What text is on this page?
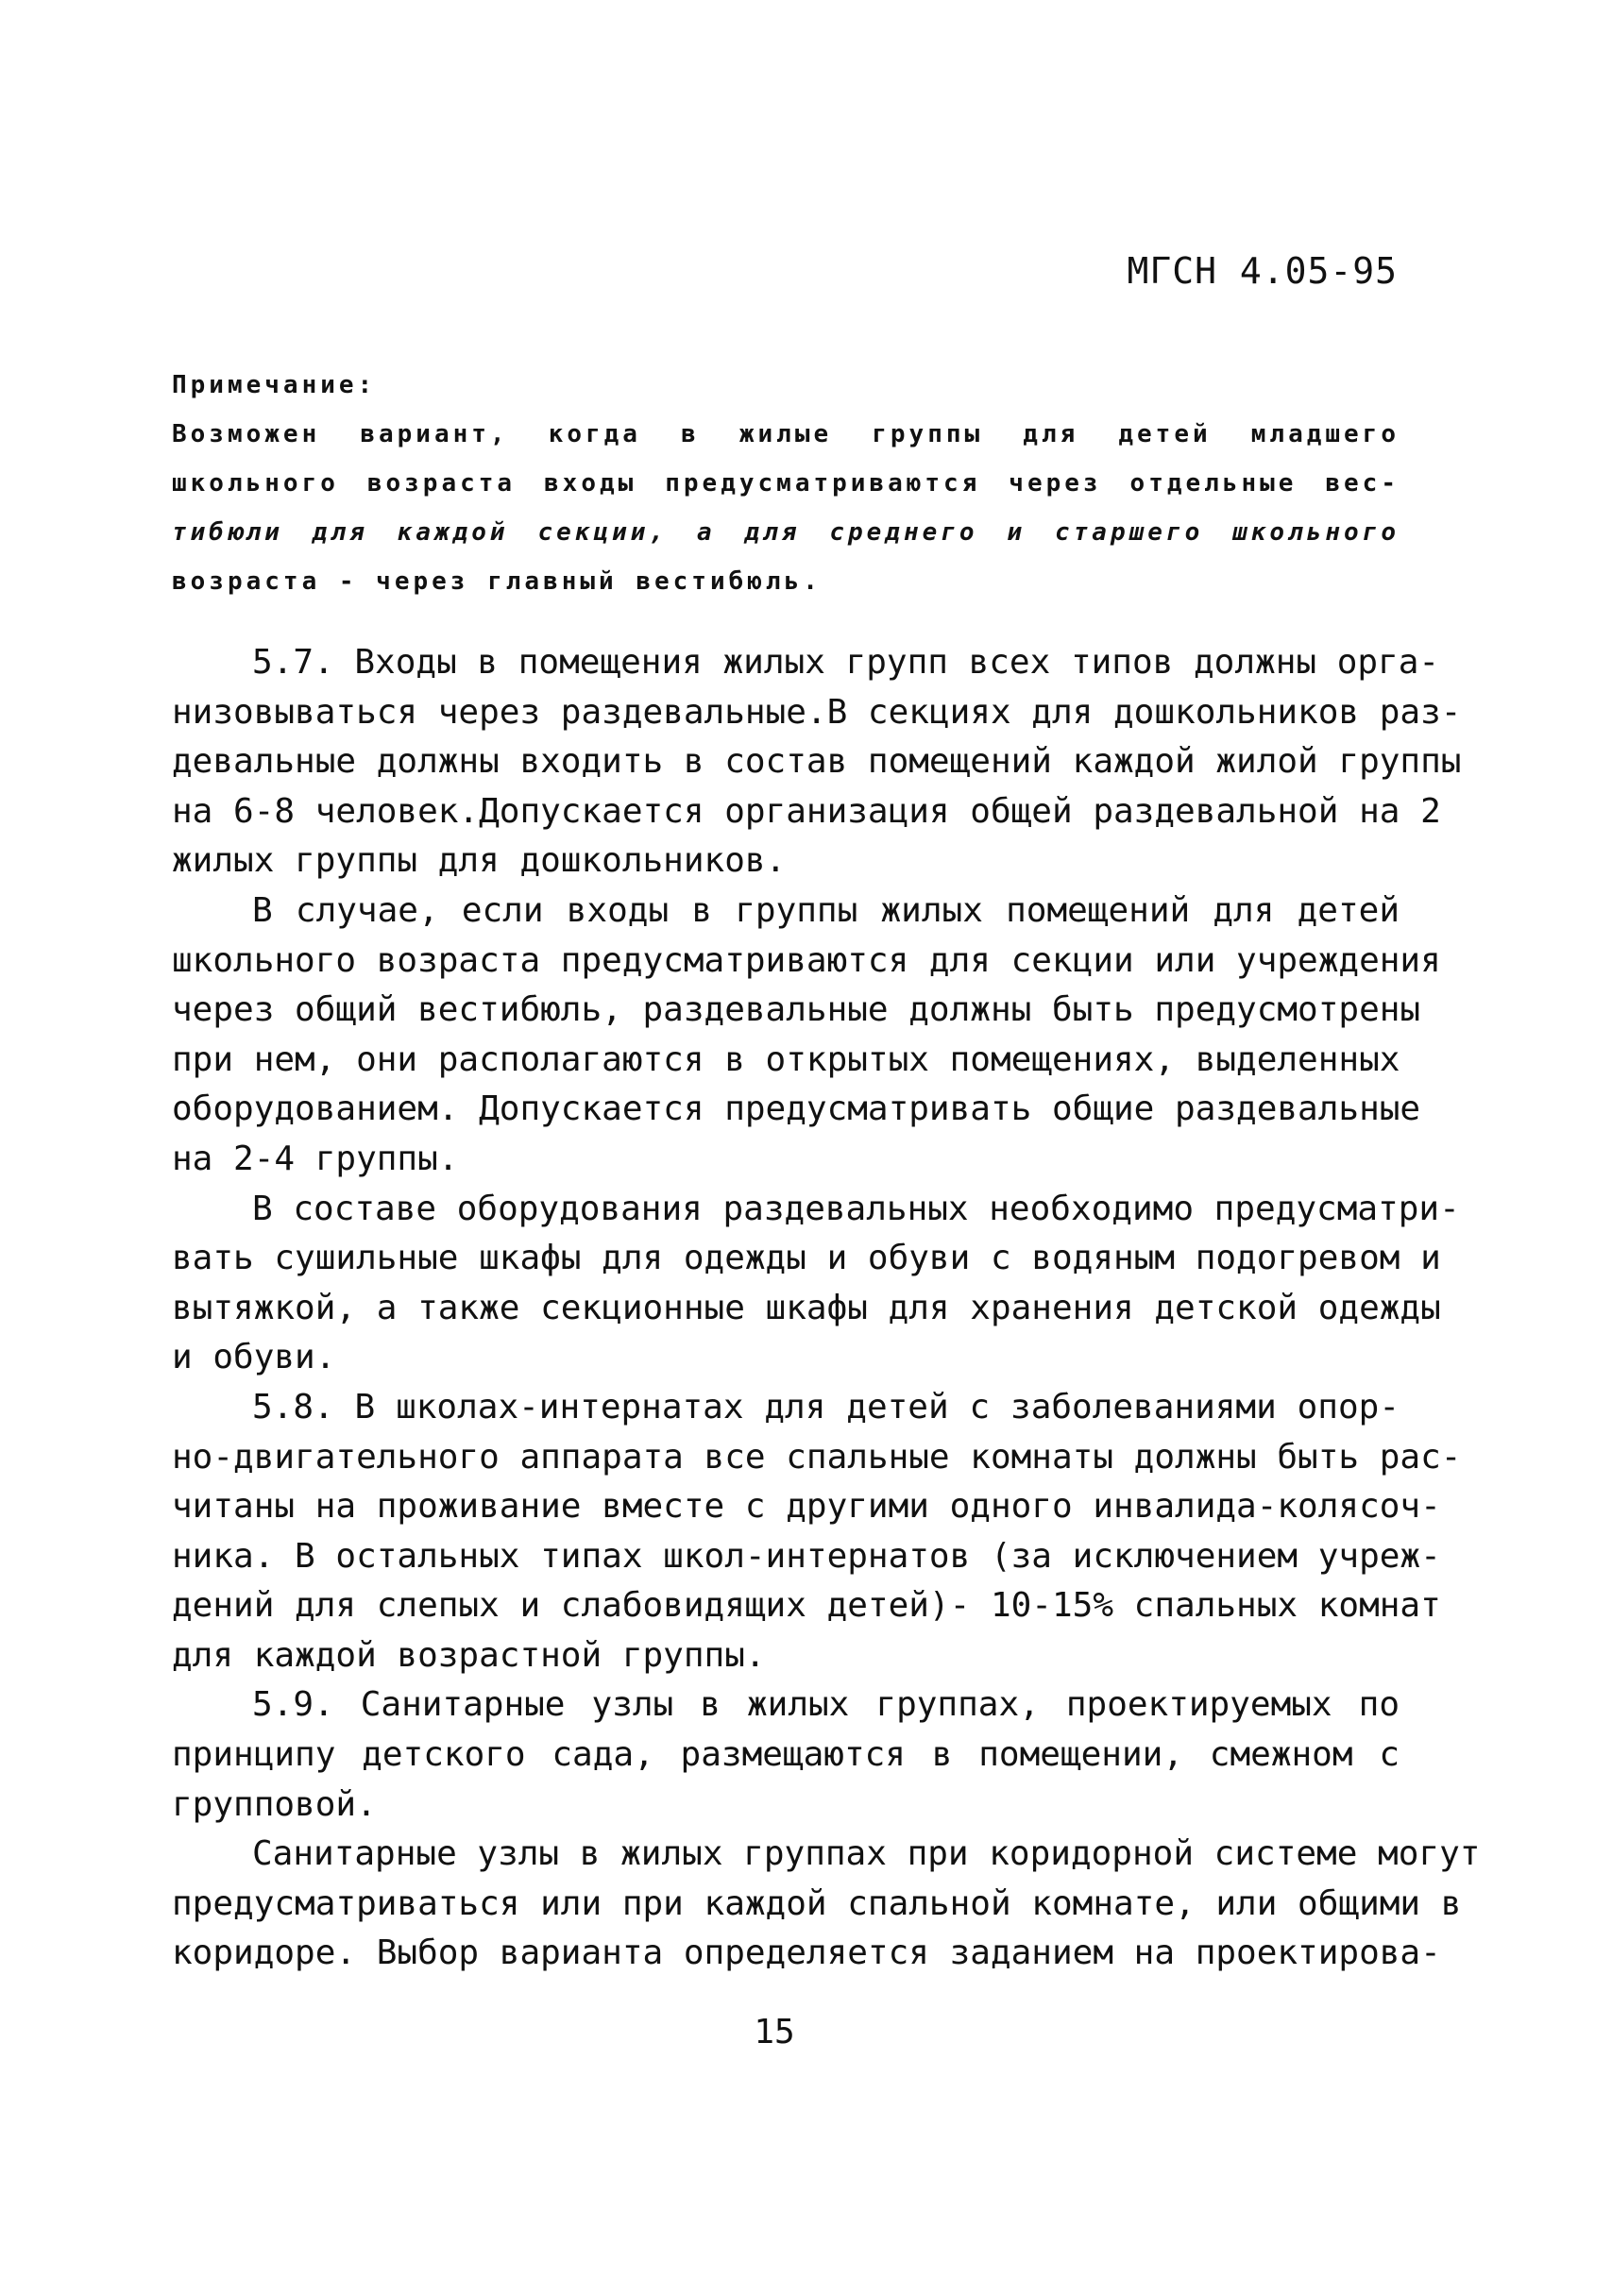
МГСН 4.05-95
Примечание:
Возможен вариант, когда в жилые группы для детей младшего
школьного возраста входы предусматриваются через отдельные вес-
тибюли для каждой секции, а для среднего и старшего школьного
возраста - через главный вестибюль.
5.7. Входы в помещения жилых групп всех типов должны орга-
низовываться через раздевальные.В секциях для дошкольников раз-
девальные должны входить в состав помещений каждой жилой группы
на 6-8 человек.Допускается организация общей раздевальной на 2
жилых группы для дошкольников.
В случае, если входы в группы жилых помещений для детей
школьного возраста предусматриваются для секции или учреждения
через общий вестибюль, раздевальные должны быть предусмотрены
при нем, они располагаются в открытых помещениях, выделенных
оборудованием. Допускается предусматривать общие раздевальные
на 2-4 группы.
В составе оборудования раздевальных необходимо предусматри-
вать сушильные шкафы для одежды и обуви с водяным подогревом и
вытяжкой, а также секционные шкафы для хранения детской одежды
и обуви.
5.8. В школах-интернатах для детей с заболеваниями опор-
но-двигательного аппарата все спальные комнаты должны быть рас-
читаны на проживание вместе с другими одного инвалида-колясоч-
ника. В остальных типах школ-интернатов (за исключением учреж-
дений для слепых и слабовидящих детей)- 10-15% спальных комнат
для каждой возрастной группы.
5.9. Санитарные узлы в жилых группах, проектируемых по
принципу детского сада, размещаются в помещении, смежном с
групповой.
Санитарные узлы в жилых группах при коридорной системе могут
предусматриваться или при каждой спальной комнате, или общими в
коридоре. Выбор варианта определяется заданием на проектирова-
15
